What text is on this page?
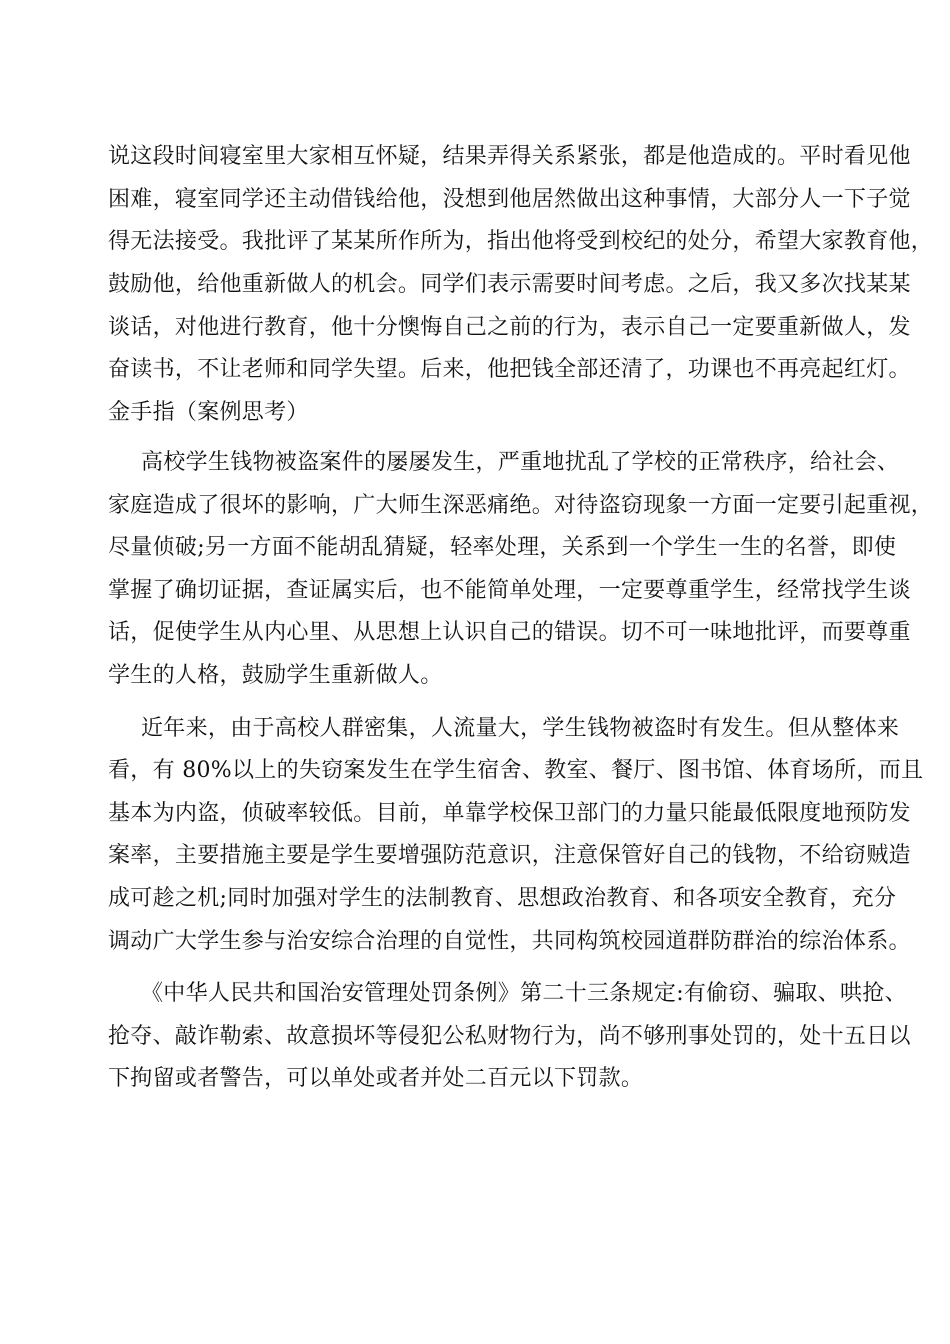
说这段时间寝室里大家相互怀疑，结果弄得关系紧张，都是他造成的。平时看见他
困难，寝室同学还主动借钱给他，没想到他居然做出这种事情，大部分人一下子觉
得无法接受。我批评了某某所作所为，指出他将受到校纪的处分，希望大家教育他，
鼓励他，给他重新做人的机会。同学们表示需要时间考虑。之后，我又多次找某某
谈话，对他进行教育，他十分懊悔自己之前的行为，表示自己一定要重新做人，发
奋读书，不让老师和同学失望。后来，他把钱全部还清了，功课也不再亮起红灯。
金手指（案例思考）
高校学生钱物被盗案件的屡屡发生，严重地扰乱了学校的正常秩序，给社会、
家庭造成了很坏的影响，广大师生深恶痛绝。对待盗窃现象一方面一定要引起重视，
尽量侦破;另一方面不能胡乱猜疑，轻率处理，关系到一个学生一生的名誉，即使
掌握了确切证据，查证属实后，也不能简单处理，一定要尊重学生，经常找学生谈
话，促使学生从内心里、从思想上认识自己的错误。切不可一味地批评，而要尊重
学生的人格，鼓励学生重新做人。
近年来，由于高校人群密集，人流量大，学生钱物被盗时有发生。但从整体来
看，有 80%以上的失窃案发生在学生宿舍、教室、餐厅、图书馆、体育场所，而且
基本为内盗，侦破率较低。目前，单靠学校保卫部门的力量只能最低限度地预防发
案率，主要措施主要是学生要增强防范意识，注意保管好自己的钱物，不给窃贼造
成可趁之机;同时加强对学生的法制教育、思想政治教育、和各项安全教育，充分
调动广大学生参与治安综合治理的自觉性，共同构筑校园道群防群治的综治体系。
《中华人民共和国治安管理处罚条例》第二十三条规定:有偷窃、骗取、哄抢、
抢夺、敲诈勒索、故意损坏等侵犯公私财物行为，尚不够刑事处罚的，处十五日以
下拘留或者警告，可以单处或者并处二百元以下罚款。
